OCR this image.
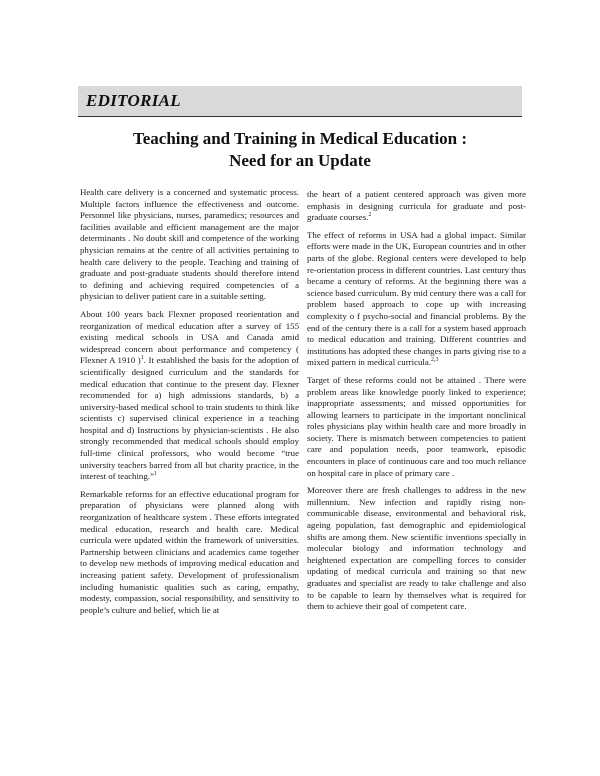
EDITORIAL
Teaching and Training in Medical Education :
Need for an Update

Health care delivery is a concerned and systematic process. Multiple factors influence the effectiveness and outcome. Personnel like physicians, nurses, paramedics; resources and facilities available and efficient management are the major determinants . No doubt skill and competence of the working physician remains at the centre of all activities pertaining to health care delivery to the people. Teaching and training of graduate and post-graduate students should therefore intend to defining and achieving required competencies of a physician to deliver patient care in a suitable setting.

About 100 years back Flexner proposed reorientation and reorganization of medical education after a survey of 155 existing medical schools in USA and Canada amid widespread concern about performance and competency ( Flexner A 1910 )$^1$. It established the basis for the adoption of scientifically designed curriculum and the standards for medical education that continue to the present day. Flexner recommended for a) high admissions standards, b) a university-based medical school to train students to think like scientists c) supervised clinical experience in a teaching hospital and d) Instructions by physician-scientists . He also strongly recommended that medical schools should employ full-time clinical professors, who would become “true university teachers barred from all but charity practice, in the interest of teaching.”$^1$

Remarkable reforms for an effective educational program for preparation of physicians were planned along with reorganization of healthcare system . These efforts integrated medical education, research and health care. Medical curricula were updated within the framework of universities. Partnership between clinicians and academics came together to develop new methods of improving medical education and increasing patient safety. Development of professionalism including humanistic qualities such as caring, empathy, modesty, compassion, social responsibility, and sensitivity to people’s culture and belief, which lie at

the heart of a patient centered approach was given more emphasis in designing curricula for graduate and post-graduate courses.$^2$

The effect of reforms in USA had a global impact. Similar efforts were made in the UK, European countries and in other parts of the globe. Regional centers were developed to help re-orientation process in different countries. Last century thus became a century of reforms. At the beginning there was a science based curriculum. By mid century there was a call for problem based approach to cope up with increasing complexity o f psycho-social and financial problems. By the end of the century there is a call for a system based approach to medical education and training. Different countries and institutions has adopted these changes in parts giving rise to a mixed pattern in medical curricula.$^{2,3}$

Target of these reforms could not be attained . There were problem areas like knowledge poorly linked to experience; inappropriate assessments; and missed opportunities for allowing learners to participate in the important nonclinical roles physicians play within health care and more broadly in society. There is mismatch between competencies to patient care and population needs, poor teamwork, episodic encounters in place of continuous care and too much reliance on hospital care in place of primary care .

Moreover there are fresh challenges to address in the new millennium. New infection and rapidly rising non-communicable disease, environmental and behavioral risk, ageing population, fast demographic and epidemiological shifts are among them. New scientific inventions specially in molecular biology and information technology and heightened expectation are compelling forces to consider updating of medical curricula and training so that new graduates and specialist are ready to take challenge and also to be capable to learn by themselves what is required for them to achieve their goal of competent care.
